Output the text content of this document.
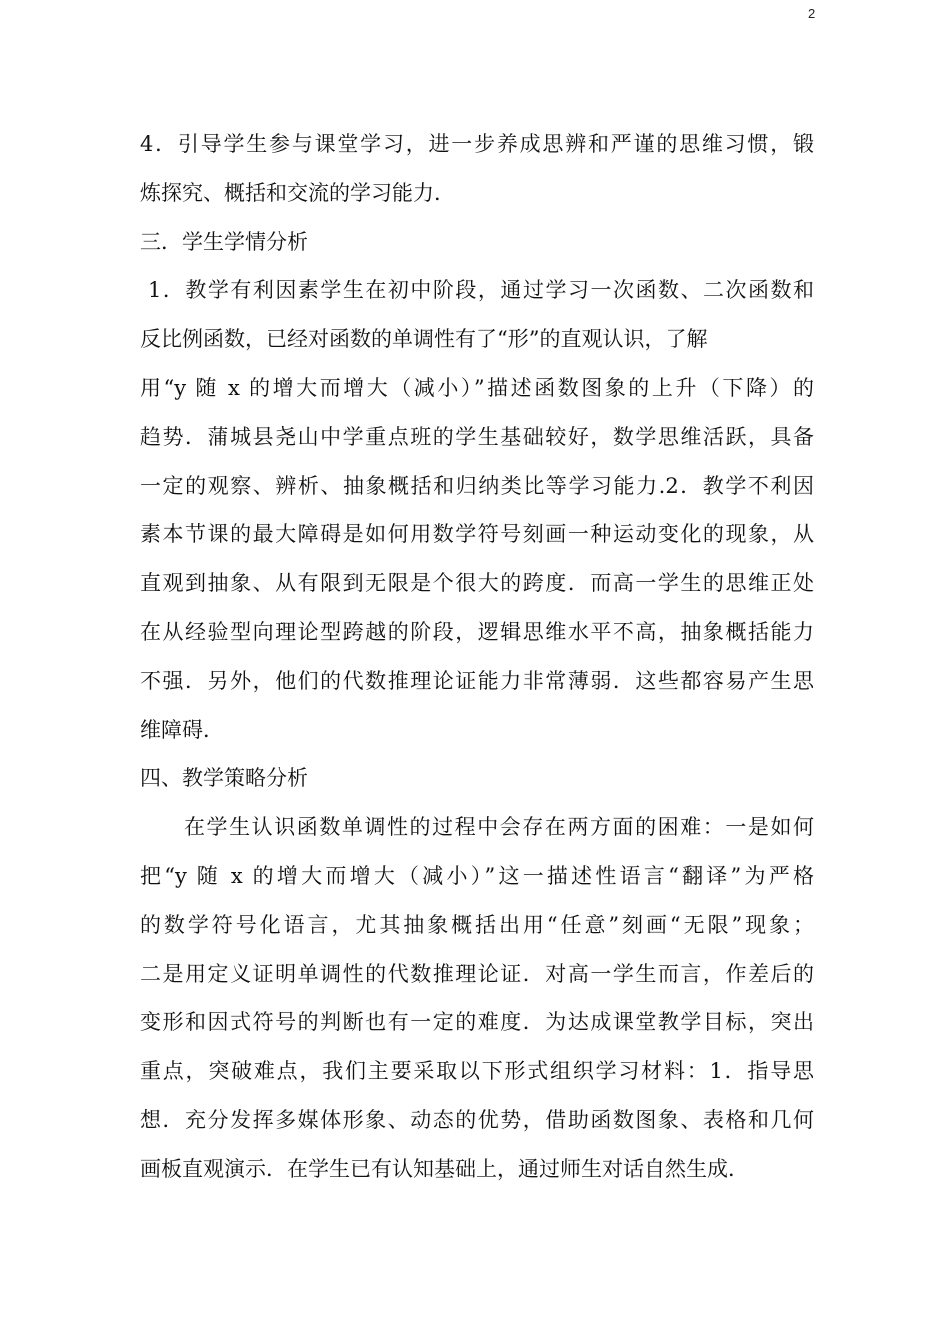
2
4．引导学生参与课堂学习，进一步养成思辨和严谨的思维习惯，锻
炼探究、概括和交流的学习能力．
三．学生学情分析
1．教学有利因素学生在初中阶段，通过学习一次函数、二次函数和
反比例函数，已经对函数的单调性有了“形”的直观认识，了解
用“y 随 x 的增大而增大（减小）”描述函数图象的上升（下降）的
趋势．蒲城县尧山中学重点班的学生基础较好，数学思维活跃，具备
一定的观察、辨析、抽象概括和归纳类比等学习能力.2．教学不利因
素本节课的最大障碍是如何用数学符号刻画一种运动变化的现象，从
直观到抽象、从有限到无限是个很大的跨度．而高一学生的思维正处
在从经验型向理论型跨越的阶段，逻辑思维水平不高，抽象概括能力
不强．另外，他们的代数推理论证能力非常薄弱．这些都容易产生思
维障碍．
四、教学策略分析
在学生认识函数单调性的过程中会存在两方面的困难：一是如何
把“y 随 x 的增大而增大（减小）”这一描述性语言“翻译”为严格
的数学符号化语言，尤其抽象概括出用“任意”刻画“无限”现象；
二是用定义证明单调性的代数推理论证．对高一学生而言，作差后的
变形和因式符号的判断也有一定的难度．为达成课堂教学目标，突出
重点，突破难点，我们主要采取以下形式组织学习材料：1．指导思
想．充分发挥多媒体形象、动态的优势，借助函数图象、表格和几何
画板直观演示．在学生已有认知基础上，通过师生对话自然生成．
